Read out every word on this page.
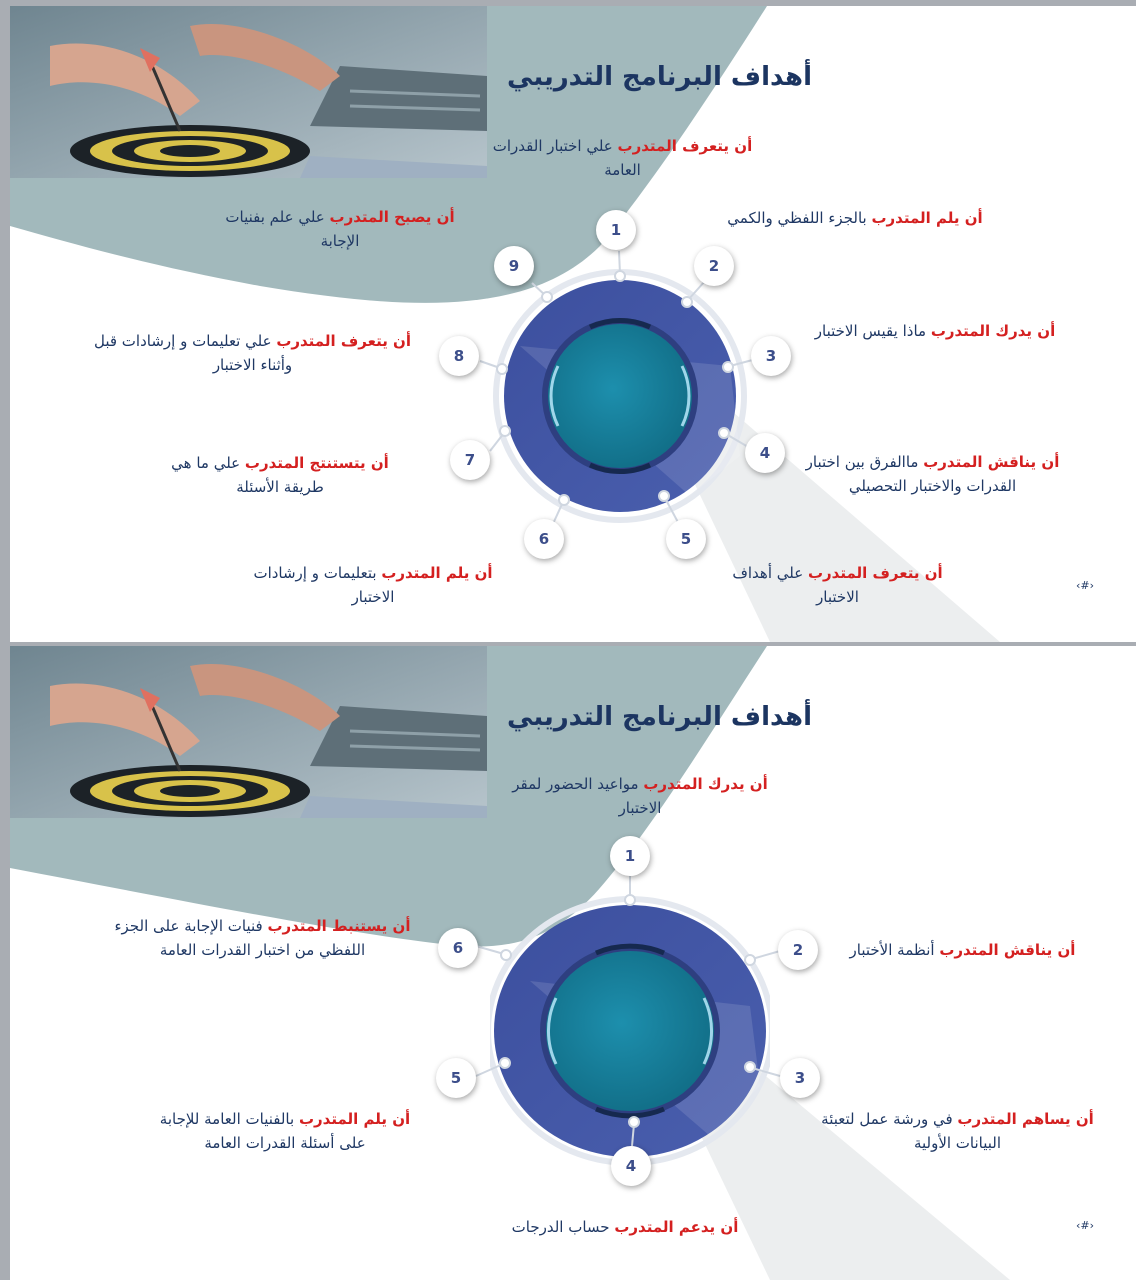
أهداف البرنامج التدريبي
1
2
3
4
5
6
7
8
9
أن يتعرف المتدرب علي اختبار القدرات العامة
أن يلم المتدرب بالجزء اللفظي والكمي
أن يدرك المتدرب ماذا يقيس الاختبار
أن يناقش المتدرب ماالفرق بين اختبار القدرات والاختبار التحصيلي
أن يتعرف المتدرب علي أهداف الاختبار
أن يلم المتدرب بتعليمات و إرشادات الاختبار
أن يتستنتج المتدرب علي ما هي طريقة الأسئلة
أن يتعرف المتدرب علي تعليمات و إرشادات قبل وأثناء الاختبار
أن يصبح المتدرب علي علم بفنيات الإجابة
‹#›
أهداف البرنامج التدريبي
1
2
3
4
5
6
أن يدرك المتدرب مواعيد الحضور لمقر الاختبار
أن يناقش المتدرب أنظمة الأختبار
أن يساهم المتدرب في ورشة عمل لتعبئة البيانات الأولية
أن يدعم المتدرب حساب الدرجات
أن يلم المتدرب بالفنيات العامة للإجابة على أسئلة القدرات العامة
أن يستنبط المتدرب فنيات الإجابة على الجزء اللفظي من اختبار القدرات العامة
‹#›
